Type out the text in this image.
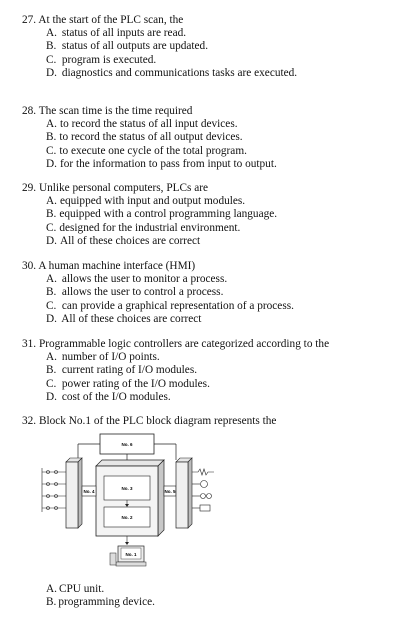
27. At the start of the PLC scan, the
A. status of all inputs are read.
B. status of all outputs are updated.
C. program is executed.
D. diagnostics and communications tasks are executed.
28. The scan time is the time required
A. to record the status of all input devices.
B. to record the status of all output devices.
C. to execute one cycle of the total program.
D. for the information to pass from input to output.
29. Unlike personal computers, PLCs are
A. equipped with input and output modules.
B. equipped with a control programming language.
C. designed for the industrial environment.
D. All of these choices are correct
30. A human machine interface (HMI)
A. allows the user to monitor a process.
B. allows the user to control a process.
C. can provide a graphical representation of a process.
D. All of these choices are correct
31. Programmable logic controllers are categorized according to the
A. number of I/O points.
B. current rating of I/O modules.
C. power rating of the I/O modules.
D. cost of the I/O modules.
32. Block No.1 of the PLC block diagram represents the
No. 6
No. 3
No. 2
No. 4	No. 5
No. 1
A. CPU unit.
B. programming device.
